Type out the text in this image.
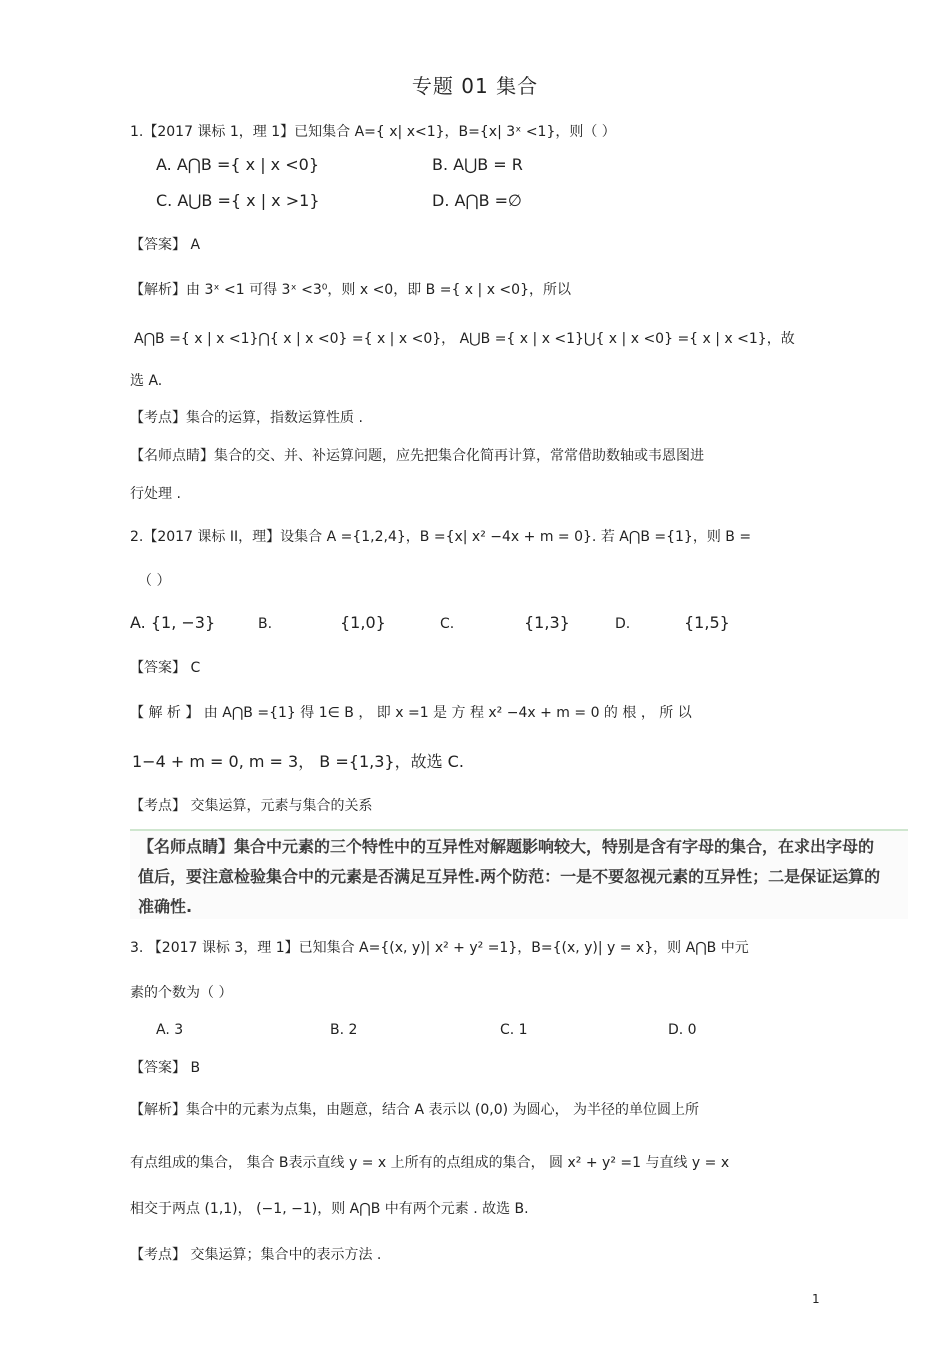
专题 01 集合
1.【2017 课标 1，理 1】已知集合 A={ x| x<1}，B={x| 3ˣ <1}，则（ ）
A. A⋂B ={ x | x <0}	B. A⋃B = R
C. A⋃B ={ x | x >1}	D. A⋂B =∅
【答案】 A
【解析】由 3ˣ <1 可得 3ˣ <3⁰，则 x <0，即 B ={ x | x <0}，所以
A⋂B ={ x | x <1}⋂{ x | x <0} ={ x | x <0}， A⋃B ={ x | x <1}⋃{ x | x <0} ={ x | x <1}，故
选 A.
【考点】集合的运算，指数运算性质 .
【名师点睛】集合的交、并、补运算问题，应先把集合化简再计算，常常借助数轴或韦恩图进
行处理 .
2.【2017 课标 II，理】设集合 A ={1,2,4}，B ={x| x² −4x + m = 0}. 若 A⋂B ={1}，则 B =
（ ）
A. {1, −3}	B.	{1,0}	C.	{1,3}	D.	{1,5}
【答案】 C
【 解 析 】 由 A⋂B ={1} 得 1∈ B ， 即 x =1 是 方 程 x² −4x + m = 0 的 根 ， 所 以
1−4 + m = 0, m = 3， B ={1,3}，故选 C.
【考点】 交集运算，元素与集合的关系
【名师点睛】集合中元素的三个特性中的互异性对解题影响较大，特别是含有字母的集合，在求出字母的
值后，要注意检验集合中的元素是否满足互异性.两个防范：一是不要忽视元素的互异性；二是保证运算的
准确性.
3. 【2017 课标 3，理 1】已知集合 A={(x, y)| x² + y² =1}，B={(x, y)| y = x}，则 A⋂B 中元
素的个数为（ ）
A. 3	B. 2	C. 1	D. 0
【答案】 B
【解析】集合中的元素为点集，由题意，结合 A 表示以 (0,0) 为圆心， 为半径的单位圆上所
有点组成的集合， 集合 B表示直线 y = x 上所有的点组成的集合， 圆 x² + y² =1 与直线 y = x
相交于两点 (1,1)， (−1, −1)，则 A⋂B 中有两个元素 . 故选 B.
【考点】 交集运算；集合中的表示方法 .
1
